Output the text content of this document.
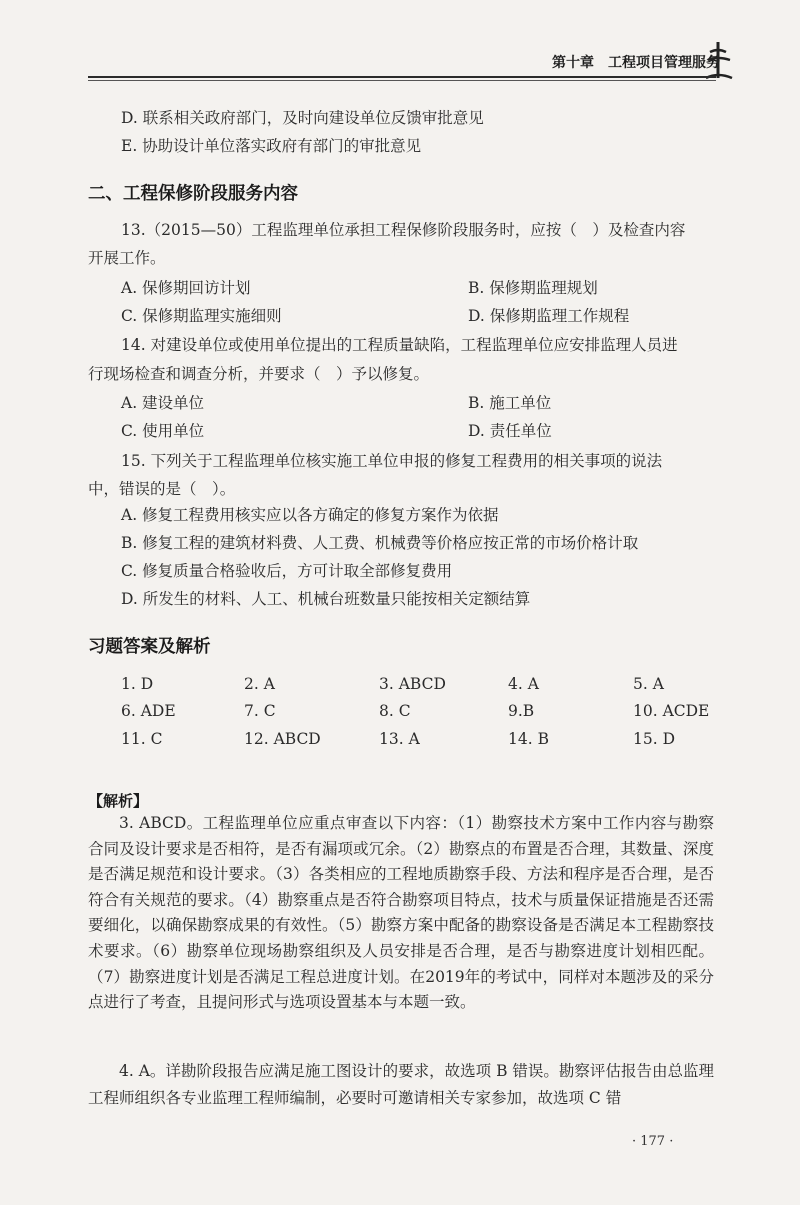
第十章　工程项目管理服务
D. 联系相关政府部门，及时向建设单位反馈审批意见
E. 协助设计单位落实政府有部门的审批意见
二、工程保修阶段服务内容
13.（2015—50）工程监理单位承担工程保修阶段服务时，应按（　）及检查内容
开展工作。
A. 保修期回访计划	B. 保修期监理规划
C. 保修期监理实施细则	D. 保修期监理工作规程
14. 对建设单位或使用单位提出的工程质量缺陷，工程监理单位应安排监理人员进
行现场检查和调查分析，并要求（　）予以修复。
A. 建设单位	B. 施工单位
C. 使用单位	D. 责任单位
15. 下列关于工程监理单位核实施工单位申报的修复工程费用的相关事项的说法
中，错误的是（　）。
A. 修复工程费用核实应以各方确定的修复方案作为依据
B. 修复工程的建筑材料费、人工费、机械费等价格应按正常的市场价格计取
C. 修复质量合格验收后，方可计取全部修复费用
D. 所发生的材料、人工、机械台班数量只能按相关定额结算
习题答案及解析
1. D	2. A	3. ABCD	4. A	5. A
6. ADE	7. C	8. C	9.B	10. ACDE
11. C	12. ABCD	13. A	14. B	15. D
【解析】
3. ABCD。工程监理单位应重点审查以下内容：（1）勘察技术方案中工作内容与勘察合同及设计要求是否相符，是否有漏项或冗余。（2）勘察点的布置是否合理，其数量、深度是否满足规范和设计要求。（3）各类相应的工程地质勘察手段、方法和程序是否合理，是否符合有关规范的要求。（4）勘察重点是否符合勘察项目特点，技术与质量保证措施是否还需要细化，以确保勘察成果的有效性。（5）勘察方案中配备的勘察设备是否满足本工程勘察技术要求。（6）勘察单位现场勘察组织及人员安排是否合理，是否与勘察进度计划相匹配。（7）勘察进度计划是否满足工程总进度计划。在2019年的考试中，同样对本题涉及的采分点进行了考查，且提问形式与选项设置基本与本题一致。
4. A。详勘阶段报告应满足施工图设计的要求，故选项 B 错误。勘察评估报告由总监理工程师组织各专业监理工程师编制，必要时可邀请相关专家参加，故选项 C 错
· 177 ·
